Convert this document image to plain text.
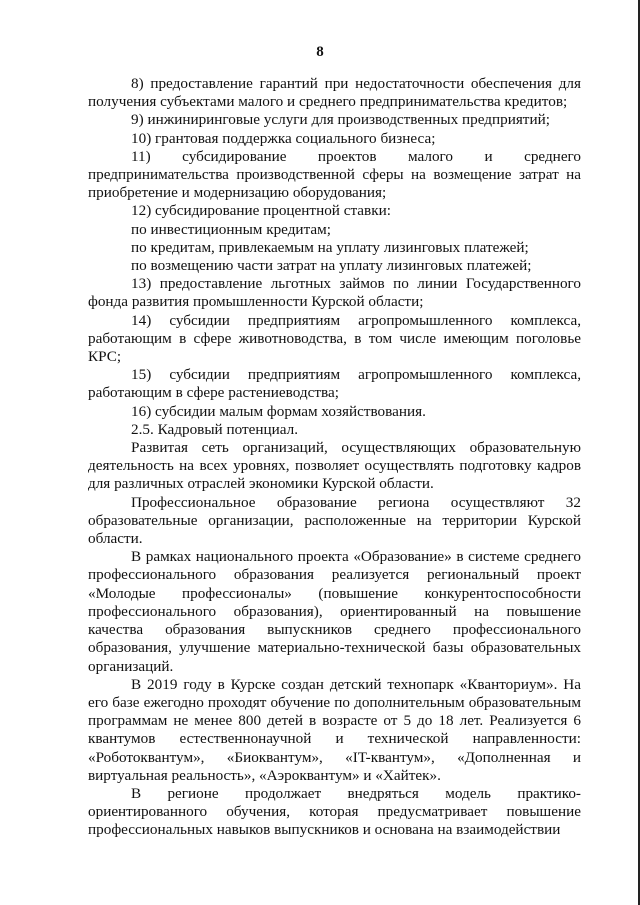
8

8) предоставление гарантий при недостаточности обеспечения для получения субъектами малого и среднего предпринимательства кредитов;

9) инжиниринговые услуги для производственных предприятий;

10) грантовая поддержка социального бизнеса;

11) субсидирование проектов малого и среднего предпринимательства производственной сферы на возмещение затрат на приобретение и модернизацию оборудования;

12) субсидирование процентной ставки:

по инвестиционным кредитам;

по кредитам, привлекаемым на уплату лизинговых платежей;

по возмещению части затрат на уплату лизинговых платежей;

13) предоставление льготных займов по линии Государственного фонда развития промышленности Курской области;

14) субсидии предприятиям агропромышленного комплекса, работающим в сфере животноводства, в том числе имеющим поголовье КРС;

15) субсидии предприятиям агропромышленного комплекса, работающим в сфере растениеводства;

16) субсидии малым формам хозяйствования.

2.5. Кадровый потенциал.

Развитая сеть организаций, осуществляющих образовательную деятельность на всех уровнях, позволяет осуществлять подготовку кадров для различных отраслей экономики Курской области.

Профессиональное образование региона осуществляют 32 образовательные организации, расположенные на территории Курской области.

В рамках национального проекта «Образование» в системе среднего профессионального образования реализуется региональный проект «Молодые профессионалы» (повышение конкурентоспособности профессионального образования), ориентированный на повышение качества образования выпускников среднего профессионального образования, улучшение материально-технической базы образовательных организаций.

В 2019 году в Курске создан детский технопарк «Кванториум». На его базе ежегодно проходят обучение по дополнительным образовательным программам не менее 800 детей в возрасте от 5 до 18 лет. Реализуется 6 квантумов естественнонаучной и технической направленности: «Роботоквантум», «Биоквантум», «IT-квантум», «Дополненная и виртуальная реальность», «Аэроквантум» и «Хайтек».

В регионе продолжает внедряться модель практико-ориентированного обучения, которая предусматривает повышение профессиональных навыков выпускников и основана на взаимодействии
